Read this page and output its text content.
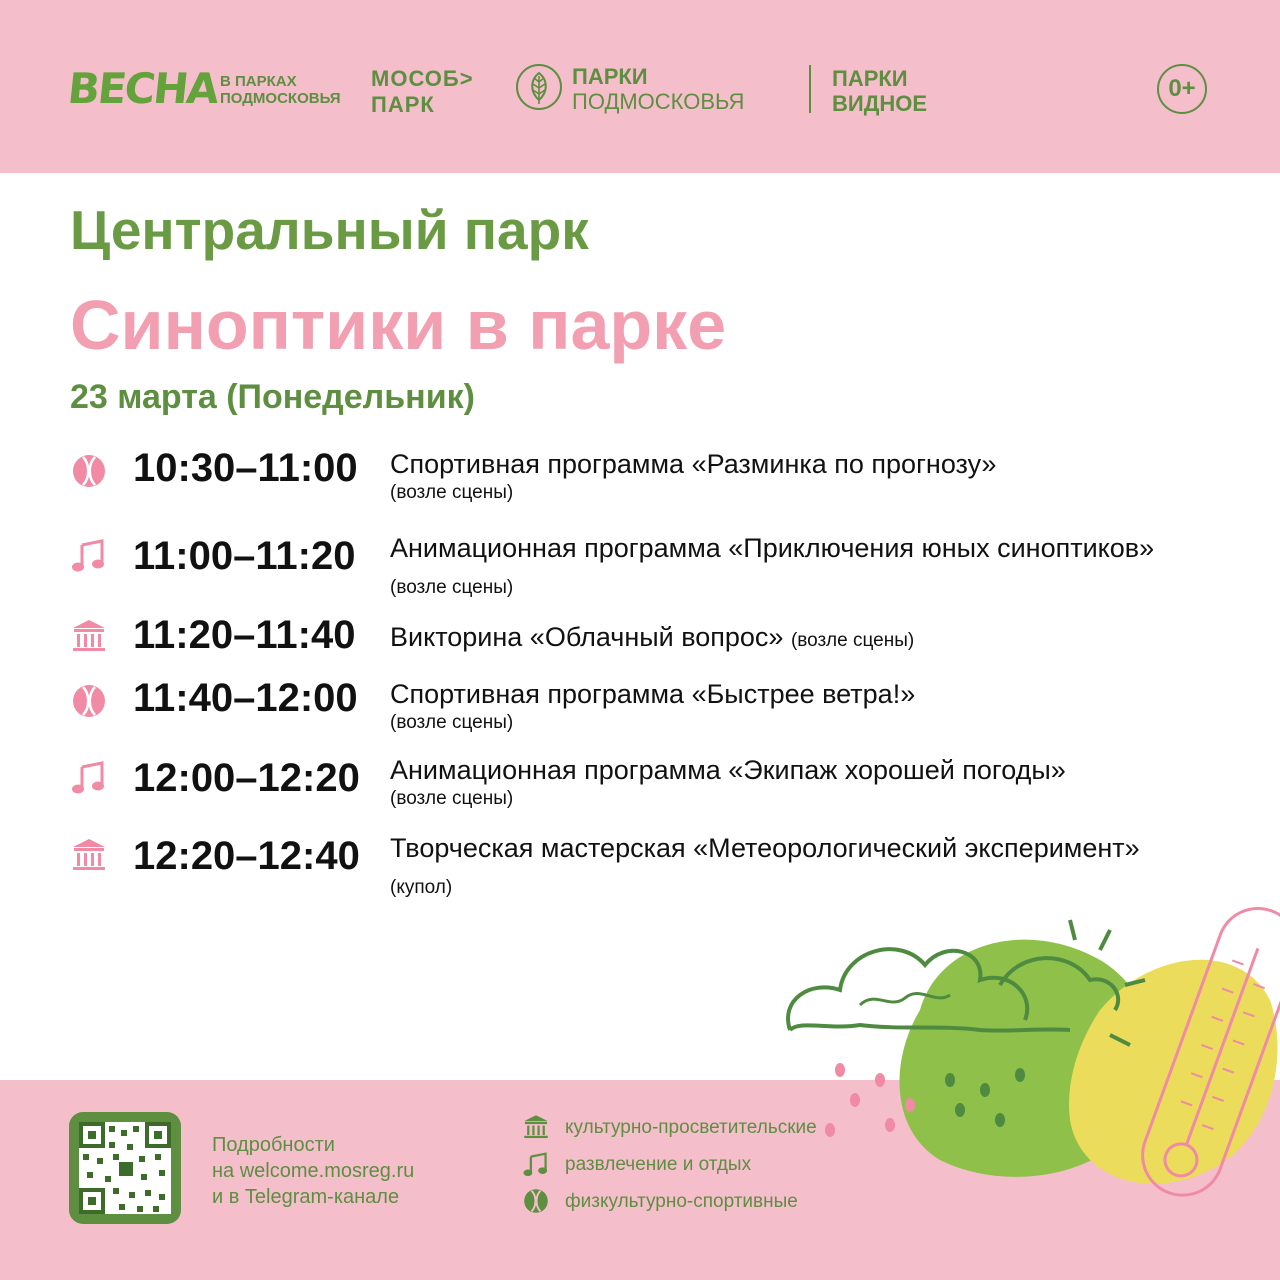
ВЕСНА В ПАРКАХ ПОДМОСКОВЬЯ
МОСОБ>
ПАРК
ПАРКИ
ПОДМОСКОВЬЯ
ПАРКИ
ВИДНОЕ
0+
Центральный парк
Синоптики в парке
23 марта (Понедельник)
10:30–11:00 Спортивная программа «Разминка по прогнозу»
(возле сцены)
11:00–11:20 Анимационная программа «Приключения юных синоптиков» (возле сцены)
11:20–11:40 Викторина «Облачный вопрос» (возле сцены)
11:40–12:00 Спортивная программа «Быстрее ветра!»
(возле сцены)
12:00–12:20 Анимационная программа «Экипаж хорошей погоды»
(возле сцены)
12:20–12:40 Творческая мастерская «Метеорологический эксперимент» (купол)
Подробности
на welcome.mosreg.ru
и в Telegram-канале
культурно-просветительские
развлечение и отдых
физкультурно-спортивные
